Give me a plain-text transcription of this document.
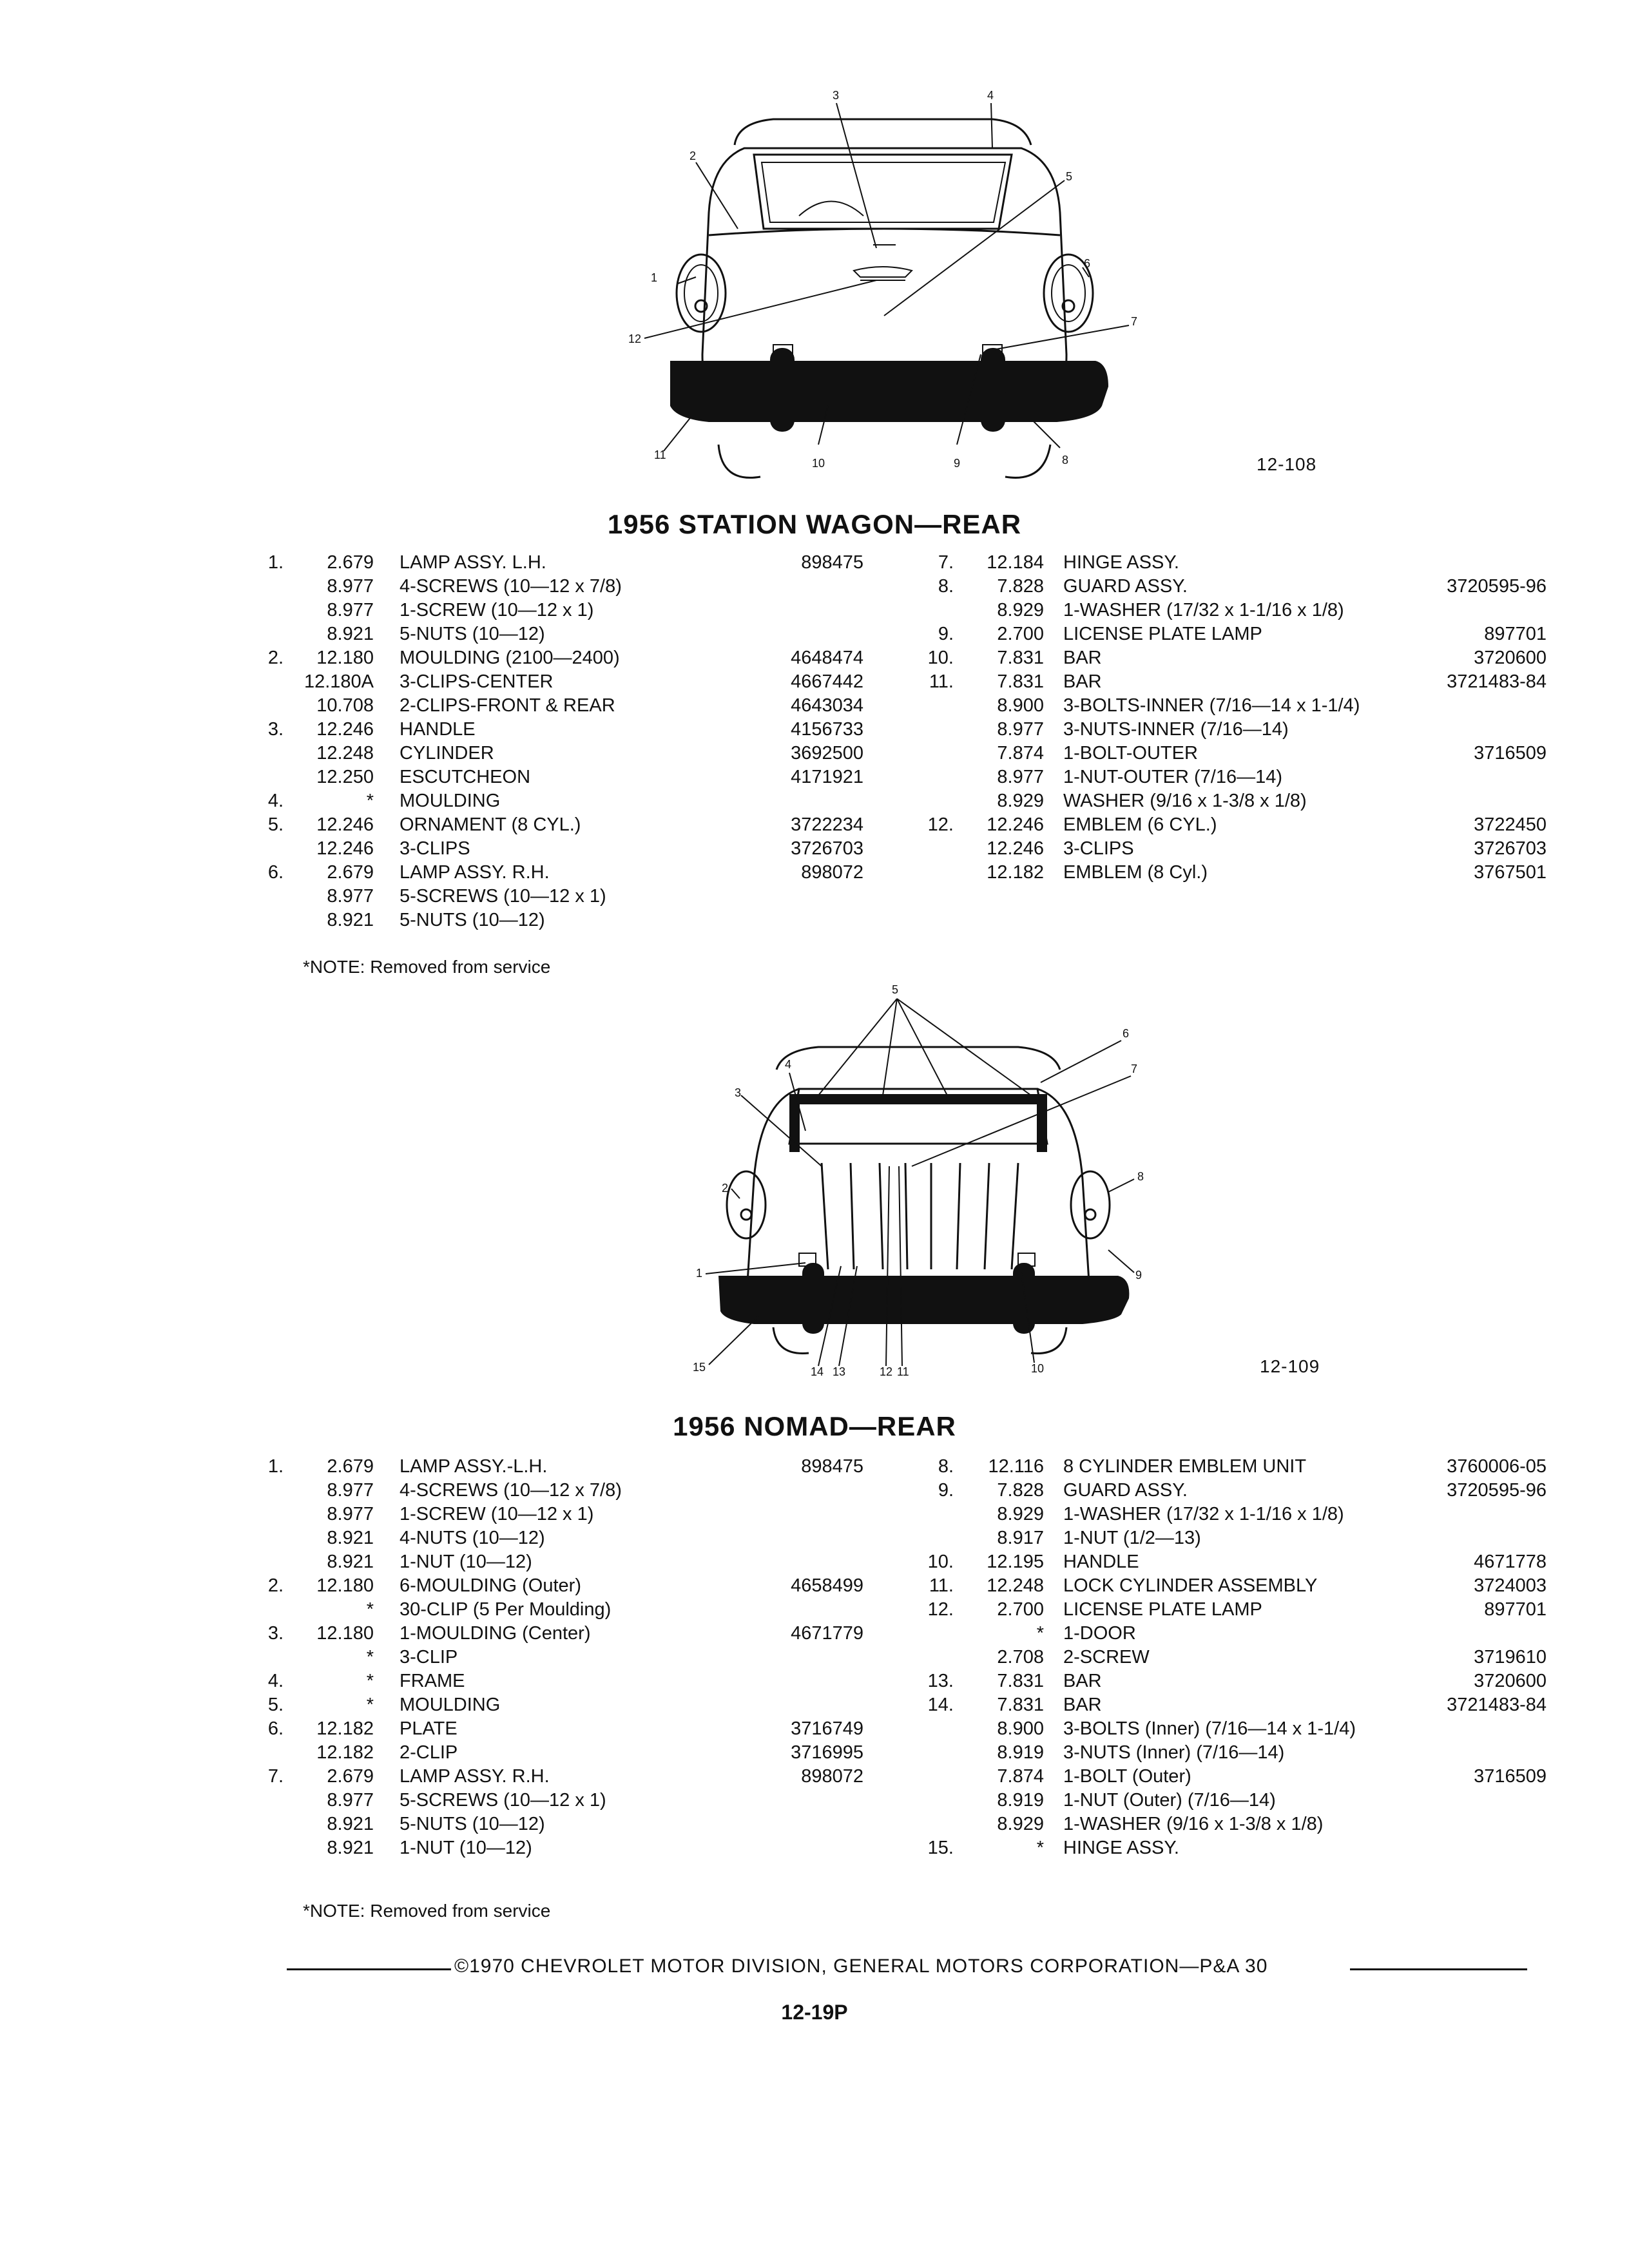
3	4
2
5
1
6
7
12
11
10	9	8	12-108
1956 STATION WAGON—REAR
1.	2.679 LAMP ASSY. L.H.	898475
8.977 4-SCREWS (10—12 x 7/8)
8.977 1-SCREW (10—12 x 1)
8.921 5-NUTS (10—12)
2.	12.180 MOULDING (2100—2400)	4648474
12.180A 3-CLIPS-CENTER	4667442
10.708 2-CLIPS-FRONT & REAR	4643034
3.	12.246 HANDLE	4156733
12.248 CYLINDER	3692500
12.250 ESCUTCHEON	4171921
4.	* MOULDING
5.	12.246 ORNAMENT (8 CYL.)	3722234
12.246 3-CLIPS	3726703
6.	2.679 LAMP ASSY. R.H.	898072
8.977 5-SCREWS (10—12 x 1)
8.921 5-NUTS (10—12)
7.	12.184 HINGE ASSY.
8.	7.828 GUARD ASSY.	3720595-96
8.929 1-WASHER (17/32 x 1-1/16 x 1/8)
9.	2.700 LICENSE PLATE LAMP	897701
10.	7.831 BAR	3720600
11.	7.831 BAR	3721483-84
8.900 3-BOLTS-INNER (7/16—14 x 1-1/4)
8.977 3-NUTS-INNER (7/16—14)
7.874 1-BOLT-OUTER	3716509
8.977 1-NUT-OUTER (7/16—14)
8.929 WASHER (9/16 x 1-3/8 x 1/8)
12.	12.246 EMBLEM (6 CYL.)	3722450
12.246 3-CLIPS	3726703
12.182 EMBLEM (8 Cyl.)	3767501
*NOTE: Removed from service
5
6
7
4
3
2
8
1	9
15	14 13	12 11	10	12-109
1956 NOMAD—REAR
1.	2.679 LAMP ASSY.-L.H.	898475
8.977 4-SCREWS (10—12 x 7/8)
8.977 1-SCREW (10—12 x 1)
8.921 4-NUTS (10—12)
8.921 1-NUT (10—12)
2.	12.180 6-MOULDING (Outer)	4658499
* 30-CLIP (5 Per Moulding)
3.	12.180 1-MOULDING (Center)	4671779
* 3-CLIP
4.	* FRAME
5.	* MOULDING
6.	12.182 PLATE	3716749
12.182 2-CLIP	3716995
7.	2.679 LAMP ASSY. R.H.	898072
8.977 5-SCREWS (10—12 x 1)
8.921 5-NUTS (10—12)
8.921 1-NUT (10—12)
8.	12.116 8 CYLINDER EMBLEM UNIT	3760006-05
9.	7.828 GUARD ASSY.	3720595-96
8.929 1-WASHER (17/32 x 1-1/16 x 1/8)
8.917 1-NUT (1/2—13)
10.	12.195 HANDLE	4671778
11.	12.248 LOCK CYLINDER ASSEMBLY	3724003
12.	2.700 LICENSE PLATE LAMP	897701
* 1-DOOR
2.708 2-SCREW	3719610
13.	7.831 BAR	3720600
14.	7.831 BAR	3721483-84
8.900 3-BOLTS (Inner) (7/16—14 x 1-1/4)
8.919 3-NUTS (Inner) (7/16—14)
7.874 1-BOLT (Outer)	3716509
8.919 1-NUT (Outer) (7/16—14)
8.929 1-WASHER (9/16 x 1-3/8 x 1/8)
15.	* HINGE ASSY.
*NOTE: Removed from service
©1970 CHEVROLET MOTOR DIVISION, GENERAL MOTORS CORPORATION—P&A 30
12-19P
